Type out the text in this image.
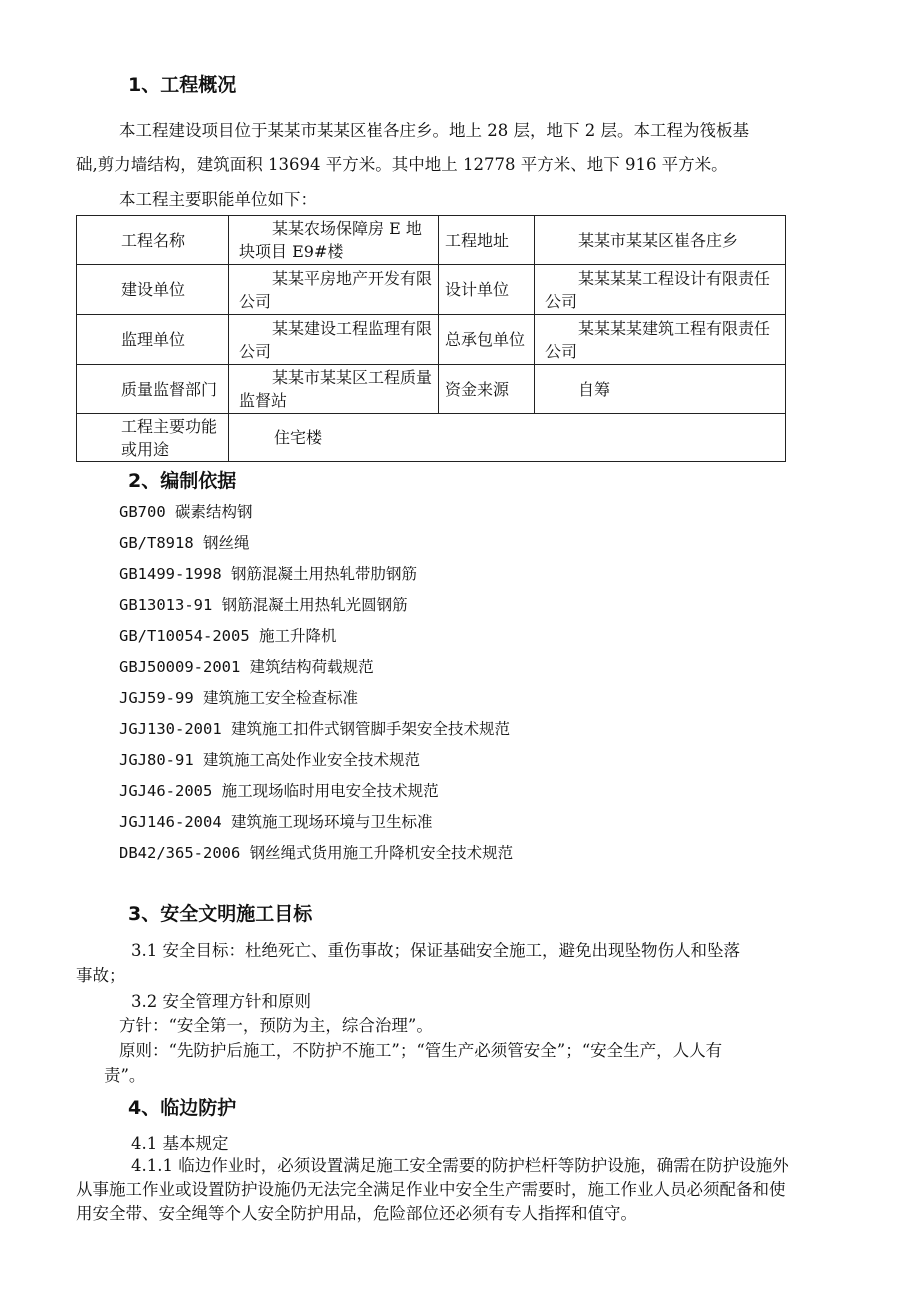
1、工程概况
本工程建设项目位于某某市某某区崔各庄乡。地上 28 层，地下 2 层。本工程为筏板基
础,剪力墙结构，建筑面积 13694 平方米。其中地上 12778 平方米、地下 916 平方米。
本工程主要职能单位如下：
工程名称	某某农场保障房 E 地块项目 E9#楼	工程地址	某某市某某区崔各庄乡
建设单位	某某平房地产开发有限公司	设计单位	某某某某工程设计有限责任公司
监理单位	某某建设工程监理有限公司	总承包单位	某某某某建筑工程有限责任公司
质量监督部门	某某市某某区工程质量监督站	资金来源	自筹
工程主要功能或用途	住宅楼		
2、编制依据
GB700 碳素结构钢
GB/T8918 钢丝绳
GB1499-1998 钢筋混凝土用热轧带肋钢筋
GB13013-91 钢筋混凝土用热轧光圆钢筋
GB/T10054-2005 施工升降机
GBJ50009-2001 建筑结构荷载规范
JGJ59-99 建筑施工安全检查标准
JGJ130-2001 建筑施工扣件式钢管脚手架安全技术规范
JGJ80-91 建筑施工高处作业安全技术规范
JGJ46-2005 施工现场临时用电安全技术规范
JGJ146-2004 建筑施工现场环境与卫生标准
DB42/365-2006 钢丝绳式货用施工升降机安全技术规范
3、安全文明施工目标
3.1 安全目标：杜绝死亡、重伤事故；保证基础安全施工，避免出现坠物伤人和坠落
事故；
3.2 安全管理方针和原则
方针：“安全第一，预防为主，综合治理”。
原则：“先防护后施工，不防护不施工”；“管生产必须管安全”；“安全生产，人人有
责”。
4、临边防护
4.1 基本规定
4.1.1 临边作业时，必须设置满足施工安全需要的防护栏杆等防护设施，确需在防护设施外从事施工作业或设置防护设施仍无法完全满足作业中安全生产需要时，施工作业人员必须配备和使用安全带、安全绳等个人安全防护用品，危险部位还必须有专人指挥和值守。
